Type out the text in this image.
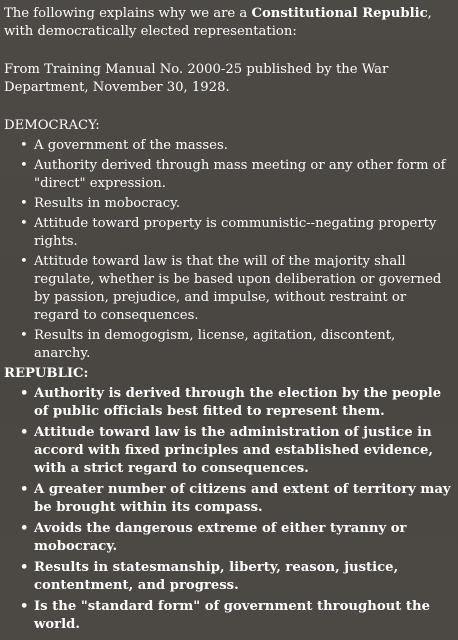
The following explains why we are a Constitutional Republic, with democratically elected representation:

From Training Manual No. 2000-25 published by the War Department, November 30, 1928.

DEMOCRACY:
• A government of the masses.
• Authority derived through mass meeting or any other form of "direct" expression.
• Results in mobocracy.
• Attitude toward property is communistic--negating property rights.
• Attitude toward law is that the will of the majority shall regulate, whether is be based upon deliberation or governed by passion, prejudice, and impulse, without restraint or regard to consequences.
• Results in demogogism, license, agitation, discontent, anarchy.
REPUBLIC:
• Authority is derived through the election by the people of public officials best fitted to represent them.
• Attitude toward law is the administration of justice in accord with fixed principles and established evidence, with a strict regard to consequences.
• A greater number of citizens and extent of territory may be brought within its compass.
• Avoids the dangerous extreme of either tyranny or mobocracy.
• Results in statesmanship, liberty, reason, justice, contentment, and progress.
• Is the "standard form" of government throughout the world.
